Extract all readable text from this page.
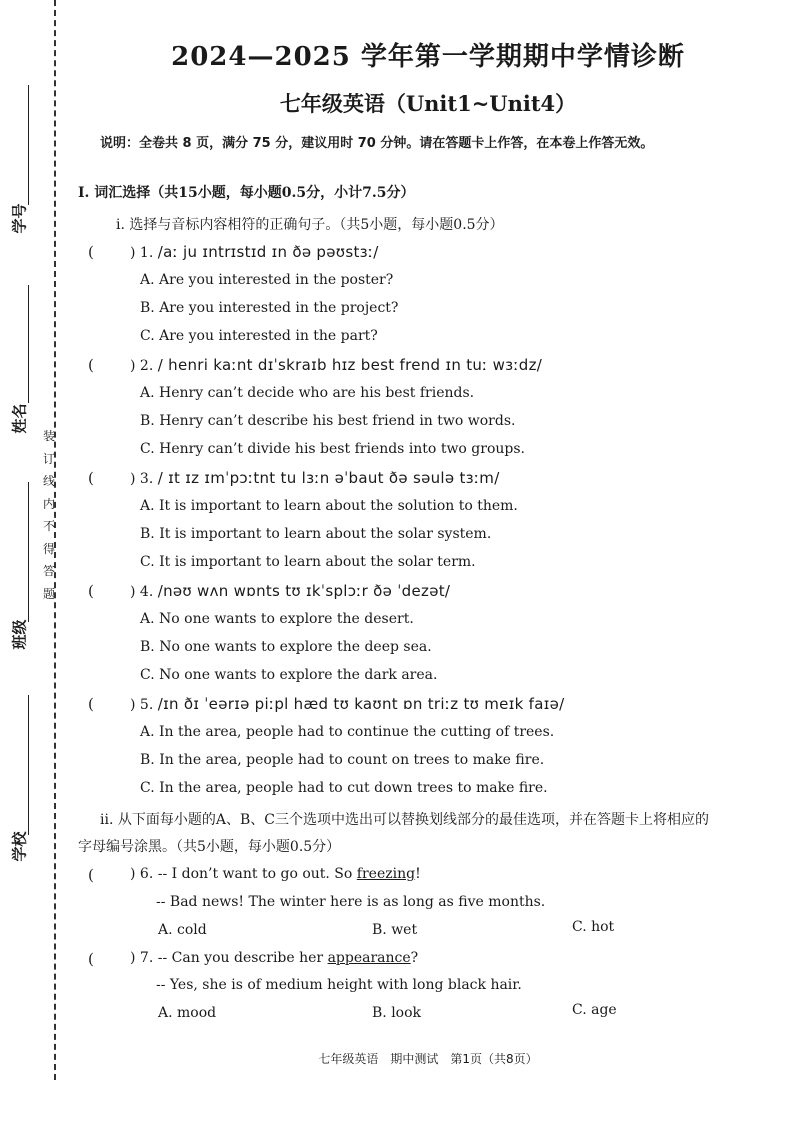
学号
姓名
班级
学校
装订线内不得答题
2024—2025 学年第一学期期中学情诊断
七年级英语（Unit1~Unit4）
说明：全卷共 8 页，满分 75 分，建议用时 70 分钟。请在答题卡上作答，在本卷上作答无效。
I. 词汇选择（共15小题，每小题0.5分，小计7.5分）
i. 选择与音标内容相符的正确句子。（共5小题，每小题0.5分）
(	) 1. /aː ju ɪntrɪstɪd ɪn ðə pəʊstɜː/
A. Are you interested in the poster?
B. Are you interested in the project?
C. Are you interested in the part?
(	) 2. / henri kaːnt dɪˈskraɪb hɪz best frend ɪn tuː wɜːdz/
A. Henry can’t decide who are his best friends.
B. Henry can’t describe his best friend in two words.
C. Henry can’t divide his best friends into two groups.
(	) 3. / ɪt ɪz ɪmˈpɔːtnt tu lɜːn əˈbaut ðə səulə tɜːm/
A. It is important to learn about the solution to them.
B. It is important to learn about the solar system.
C. It is important to learn about the solar term.
(	) 4. /nəʊ wʌn wɒnts tʊ ɪkˈsplɔːr ðə ˈdezət/
A. No one wants to explore the desert.
B. No one wants to explore the deep sea.
C. No one wants to explore the dark area.
(	) 5. /ɪn ðɪ ˈeərɪə piːpl hæd tʊ kaʊnt ɒn triːz tʊ meɪk faɪə/
A. In the area, people had to continue the cutting of trees.
B. In the area, people had to count on trees to make fire.
C. In the area, people had to cut down trees to make fire.
ii. 从下面每小题的A、B、C三个选项中选出可以替换划线部分的最佳选项，并在答题卡上将相应的
字母编号涂黑。（共5小题，每小题0.5分）
(	) 6. -- I don’t want to go out. So freezing!
-- Bad news! The winter here is as long as five months.
A. cold	B. wet	C. hot
(	) 7. -- Can you describe her appearance?
-- Yes, she is of medium height with long black hair.
A. mood	B. look	C. age
七年级英语　期中测试　第1页（共8页）
